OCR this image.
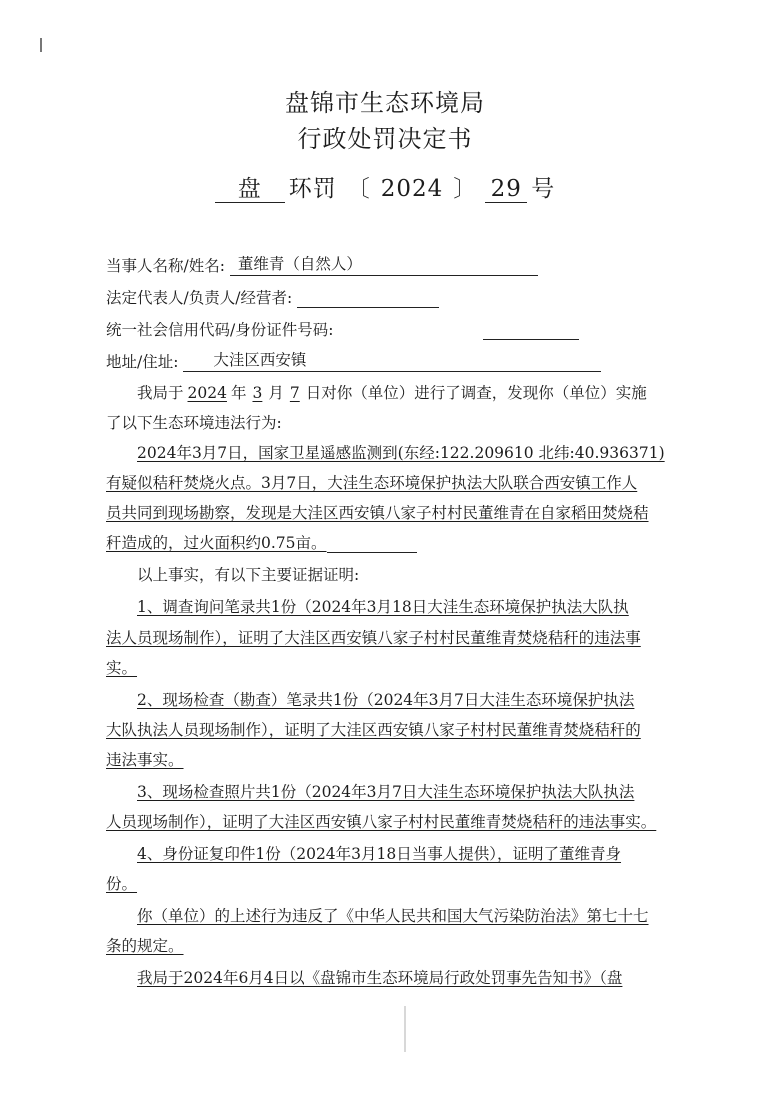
盘锦市生态环境局
行政处罚决定书
盘 环罚 〔 2024 〕 29 号
当事人名称/姓名: 董维青（自然人）
法定代表人/负责人/经营者:
统一社会信用代码/身份证件号码:
地址/住址: 大洼区西安镇
我局于 2024 年 3 月 7 日对你（单位）进行了调查，发现你（单位）实施
了以下生态环境违法行为:
2024年3月7日，国家卫星遥感监测到(东经:122.209610 北纬:40.936371)
有疑似秸秆焚烧火点。3月7日，大洼生态环境保护执法大队联合西安镇工作人
员共同到现场勘察，发现是大洼区西安镇八家子村村民董维青在自家稻田焚烧秸
秆造成的，过火面积约0.75亩。
以上事实，有以下主要证据证明:
1、调查询问笔录共1份（2024年3月18日大洼生态环境保护执法大队执
法人员现场制作），证明了大洼区西安镇八家子村村民董维青焚烧秸秆的违法事
实。
2、现场检查（勘查）笔录共1份（2024年3月7日大洼生态环境保护执法
大队执法人员现场制作），证明了大洼区西安镇八家子村村民董维青焚烧秸秆的
违法事实。
3、现场检查照片共1份（2024年3月7日大洼生态环境保护执法大队执法
人员现场制作），证明了大洼区西安镇八家子村村民董维青焚烧秸秆的违法事实。
4、身份证复印件1份（2024年3月18日当事人提供），证明了董维青身
份。
你（单位）的上述行为违反了《中华人民共和国大气污染防治法》第七十七
条的规定。
我局于2024年6月4日以《盘锦市生态环境局行政处罚事先告知书》（盘
